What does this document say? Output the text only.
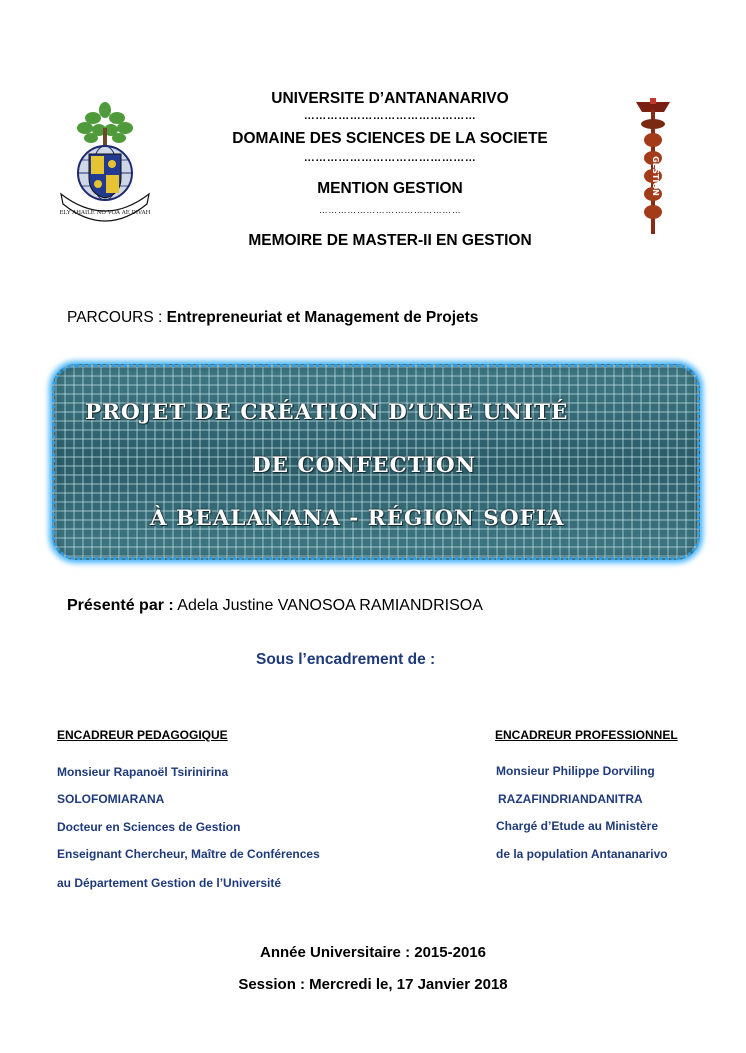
ELY AHAILE NO VOA AE DIVAH
GESTION
UNIVERSITE D’ANTANANARIVO
………………………………………
DOMAINE DES SCIENCES DE LA SOCIETE
………………………………………
MENTION GESTION
………………………………………
MEMOIRE DE MASTER-II EN GESTION
PARCOURS : Entrepreneuriat et Management de Projets
PROJET DE CRÉATION D’UNE UNITÉ
DE CONFECTION
À BEALANANA - RÉGION SOFIA
Présenté par : Adela Justine VANOSOA RAMIANDRISOA
Sous l’encadrement de :
ENCADREUR PEDAGOGIQUE
Monsieur Rapanoël Tsirinirina
SOLOFOMIARANA
Docteur en Sciences de Gestion
Enseignant Chercheur, Maître de Conférences
au Département Gestion de l’Université
ENCADREUR PROFESSIONNEL
Monsieur Philippe Dorviling
RAZAFINDRIANDANITRA
Chargé d’Etude au Ministère
de la population Antananarivo
Année Universitaire : 2015-2016
Session : Mercredi le, 17 Janvier 2018
